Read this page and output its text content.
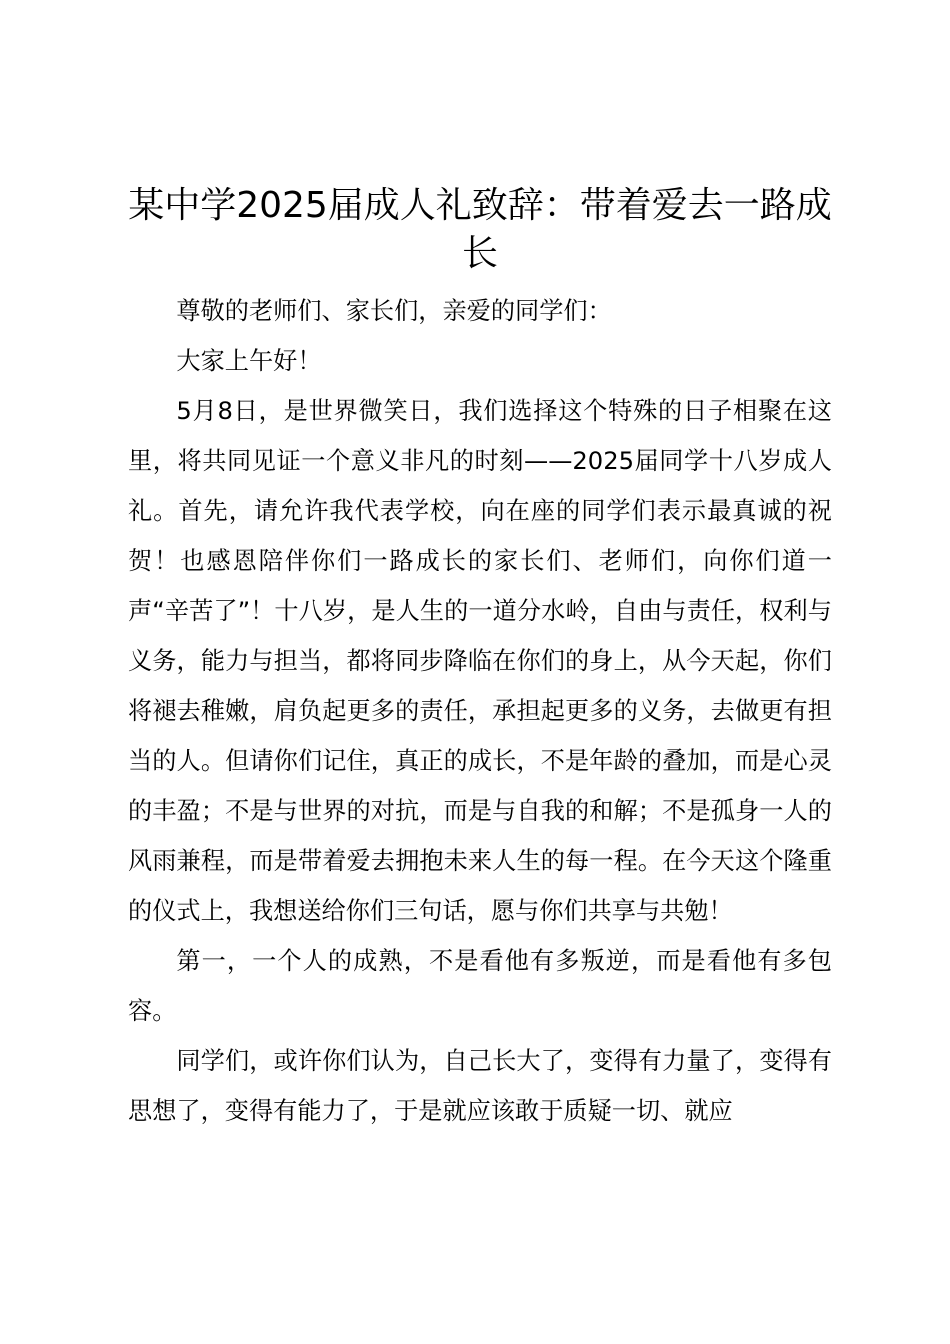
某中学2025届成人礼致辞：带着爱去一路成长

尊敬的老师们、家长们，亲爱的同学们：

大家上午好！

5月8日，是世界微笑日，我们选择这个特殊的日子相聚在这里，将共同见证一个意义非凡的时刻——2025届同学十八岁成人礼。首先，请允许我代表学校，向在座的同学们表示最真诚的祝贺！也感恩陪伴你们一路成长的家长们、老师们，向你们道一声“辛苦了”！十八岁，是人生的一道分水岭，自由与责任，权利与义务，能力与担当，都将同步降临在你们的身上，从今天起，你们将褪去稚嫩，肩负起更多的责任，承担起更多的义务，去做更有担当的人。但请你们记住，真正的成长，不是年龄的叠加，而是心灵的丰盈；不是与世界的对抗，而是与自我的和解；不是孤身一人的风雨兼程，而是带着爱去拥抱未来人生的每一程。在今天这个隆重的仪式上，我想送给你们三句话，愿与你们共享与共勉！

第一，一个人的成熟，不是看他有多叛逆，而是看他有多包容。

同学们，或许你们认为，自己长大了，变得有力量了，变得有思想了，变得有能力了，于是就应该敢于质疑一切、就应
